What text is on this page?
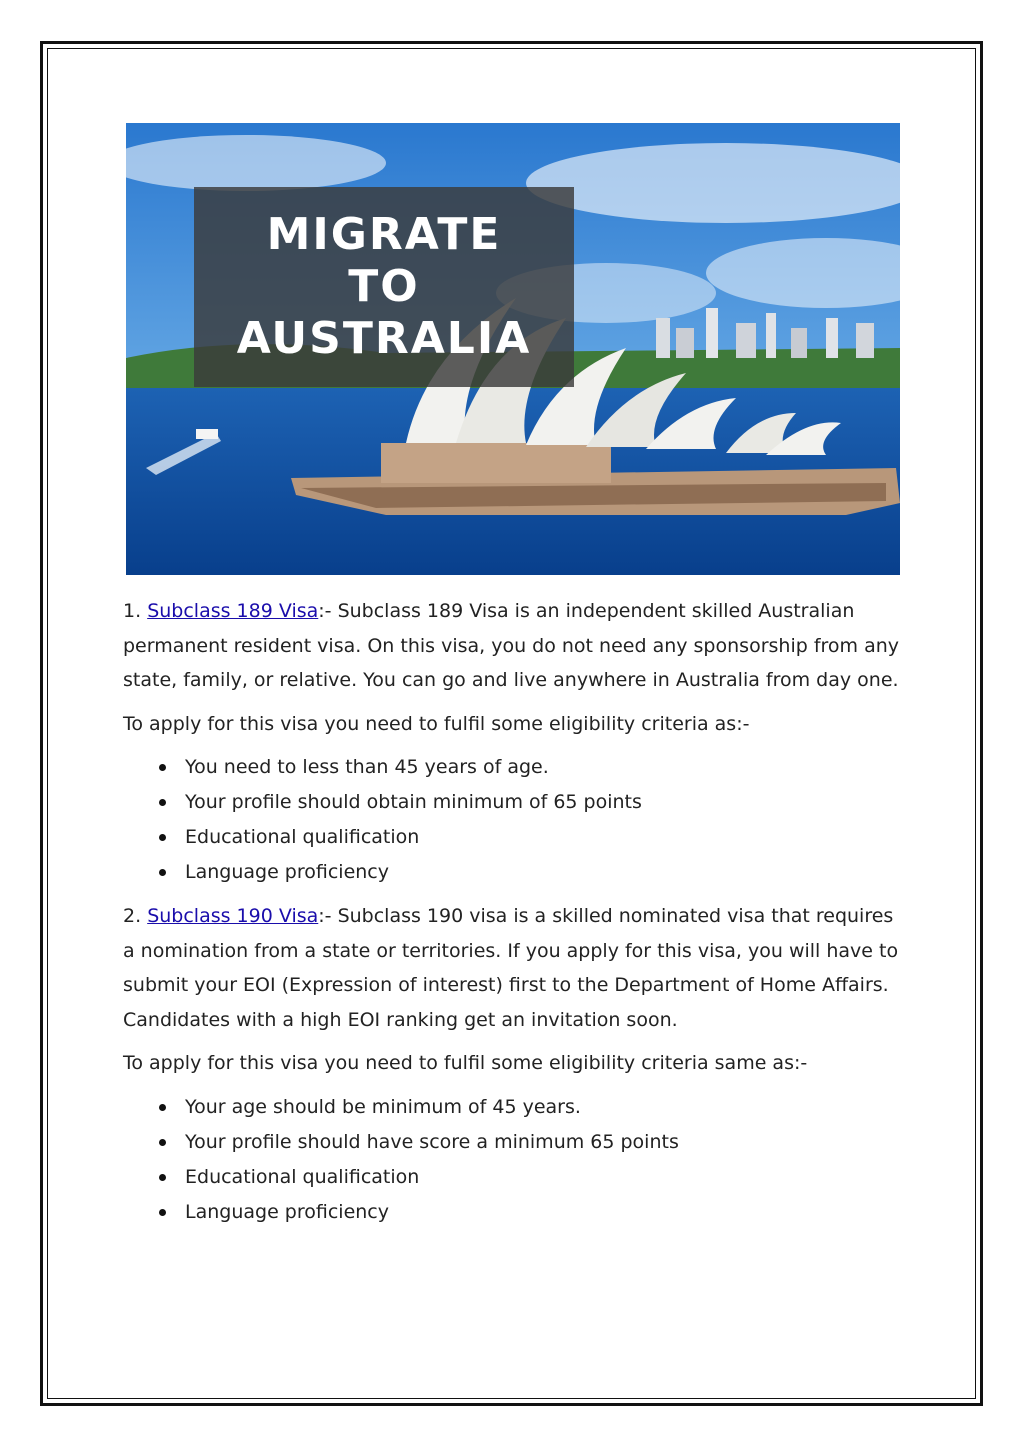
MIGRATE
TO
AUSTRALIA

1. Subclass 189 Visa:- Subclass 189 Visa is an independent skilled Australian permanent resident visa. On this visa, you do not need any sponsorship from any state, family, or relative. You can go and live anywhere in Australia from day one.

To apply for this visa you need to fulfil some eligibility criteria as:-

You need to less than 45 years of age.
Your profile should obtain minimum of 65 points
Educational qualification
Language proficiency

2. Subclass 190 Visa:- Subclass 190 visa is a skilled nominated visa that requires a nomination from a state or territories. If you apply for this visa, you will have to submit your EOI (Expression of interest) first to the Department of Home Affairs. Candidates with a high EOI ranking get an invitation soon.

To apply for this visa you need to fulfil some eligibility criteria same as:-

Your age should be minimum of 45 years.
Your profile should have score a minimum 65 points
Educational qualification
Language proficiency
